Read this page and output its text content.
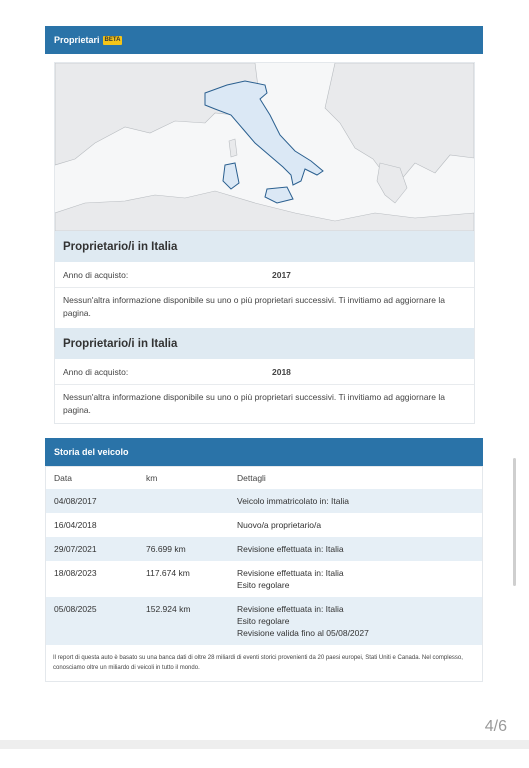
Proprietari BETA
Proprietario/i in Italia
Anno di acquisto:	2017
Nessun'altra informazione disponibile su uno o più proprietari successivi. Ti invitiamo ad aggiornare la pagina.
Proprietario/i in Italia
Anno di acquisto:	2018
Nessun'altra informazione disponibile su uno o più proprietari successivi. Ti invitiamo ad aggiornare la pagina.
Storia del veicolo
Data	km	Dettagli
04/08/2017		Veicolo immatricolato in: Italia

16/04/2018		Nuovo/a proprietario/a

29/07/2021	76.699 km	Revisione effettuata in: Italia

18/08/2023	117.674 km	Revisione effettuata in: Italia
Esito regolare

05/08/2025	152.924 km	Revisione effettuata in: Italia
Esito regolare
Revisione valida fino al 05/08/2027
Il report di questa auto è basato su una banca dati di oltre 28 miliardi di eventi storici provenienti da 20 paesi europei, Stati Uniti e Canada. Nel complesso, conosciamo oltre un miliardo di veicoli in tutto il mondo.
4/6
